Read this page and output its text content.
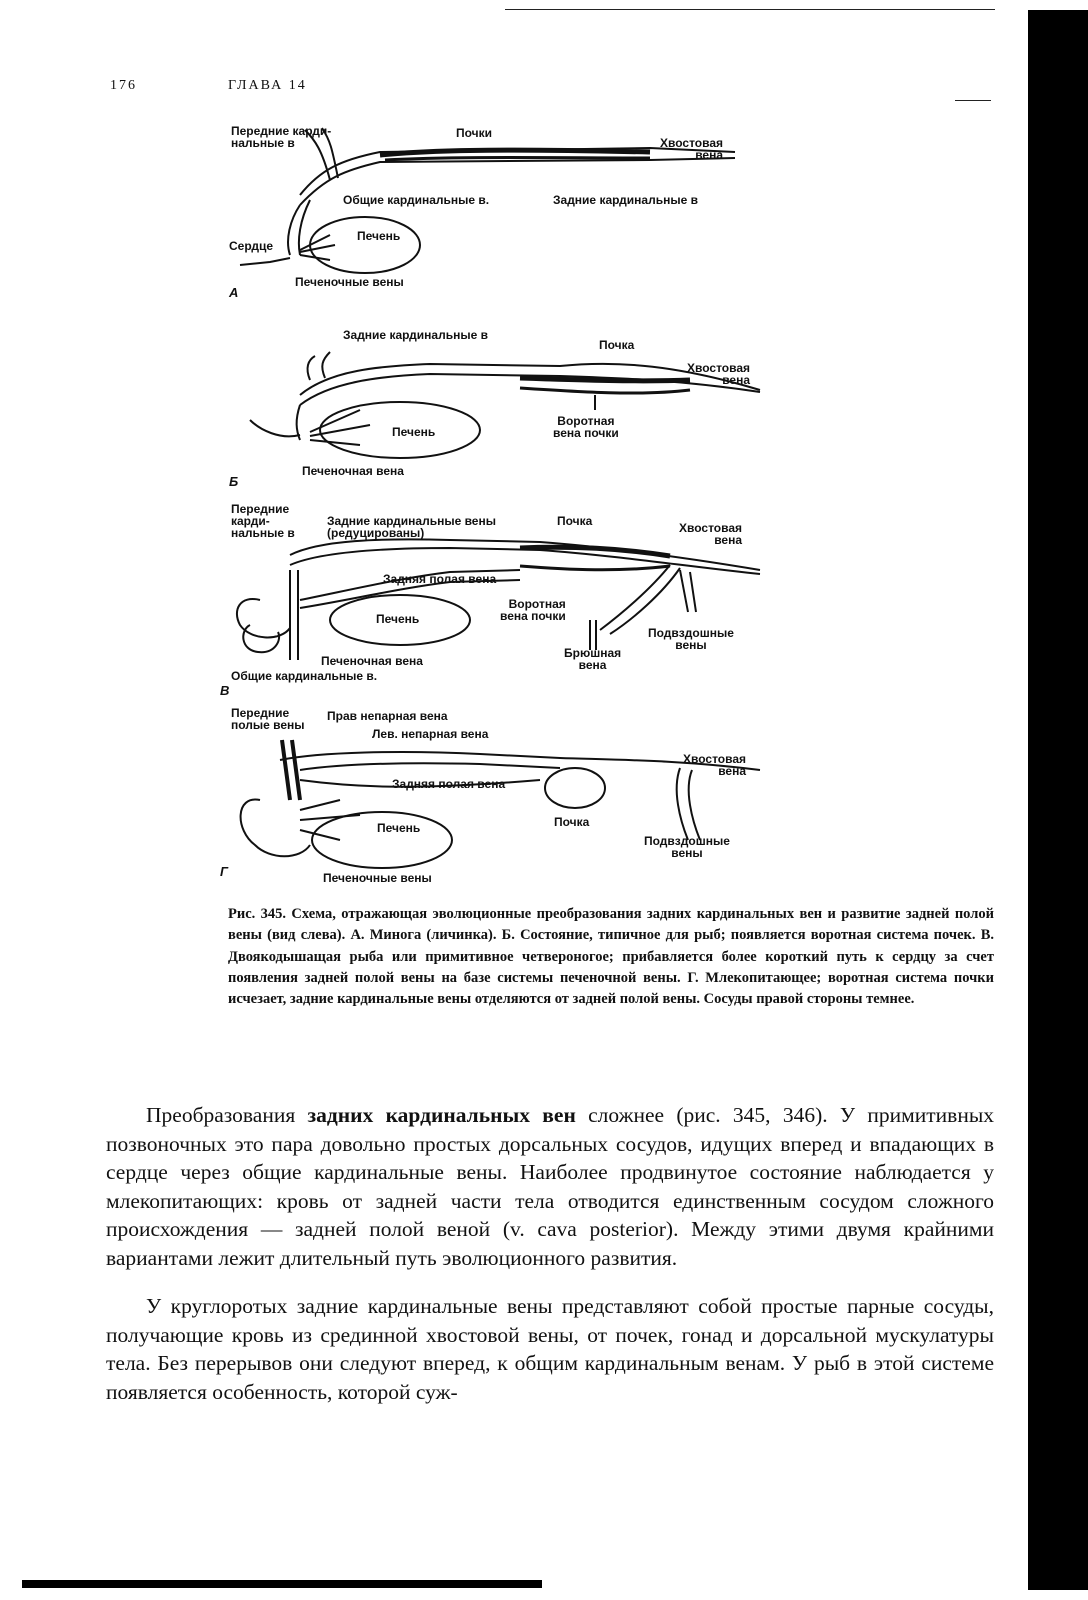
176	ГЛАВА 14
Передние карди-
нальные в
Почки
Хвостовая
вена
Общие кардинальные в.	Задние кардинальные в
Сердце
Печень
Печеночные вены
А
Задние кардинальные в
Почка
Хвостовая
вена
Воротная
вена почки
Печень
Печеночная вена
Б
Передние
карди-
нальные в
Задние кардинальные вены
(редуцированы)
Почка	Хвостовая
вена
Задняя полая вена
Воротная
вена почки
Печень
Подвздошные
вены
Брюшная
вена
Печеночная вена
Общие кардинальные в.
В
Передние
полые вены
Прав непарная вена
Лев. непарная вена
Хвостовая
вена
Задняя полая вена
Печень	Почка
Подвздошные
вены
Печеночные вены
Г
Рис. 345. Схема, отражающая эволюционные преобразования задних кардинальных вен и развитие задней полой вены (вид слева). А. Минога (личинка). Б. Состояние, типичное для рыб; появляется воротная система почек. В. Двоякодышащая рыба или примитивное четвероногое; прибавляется более короткий путь к сердцу за счет появления задней полой вены на базе системы печеночной вены. Г. Млекопитающее; воротная система почки исчезает, задние кардинальные вены отделяются от задней полой вены. Сосуды правой стороны темнее.

Преобразования задних кардинальных вен сложнее (рис. 345, 346). У примитивных позвоночных это пара довольно простых дорсальных сосудов, идущих вперед и впадающих в сердце через общие кардинальные вены. Наиболее продвинутое состояние наблюдается у млекопитающих: кровь от задней части тела отводится единственным сосудом сложного происхождения — задней полой веной (v. cava posterior). Между этими двумя крайними вариантами лежит длительный путь эволюционного развития.

У круглоротых задние кардинальные вены представляют собой простые парные сосуды, получающие кровь из срединной хвостовой вены, от почек, гонад и дорсальной мускулатуры тела. Без перерывов они следуют вперед, к общим кардинальным венам. У рыб в этой системе появляется особенность, которой суж-
